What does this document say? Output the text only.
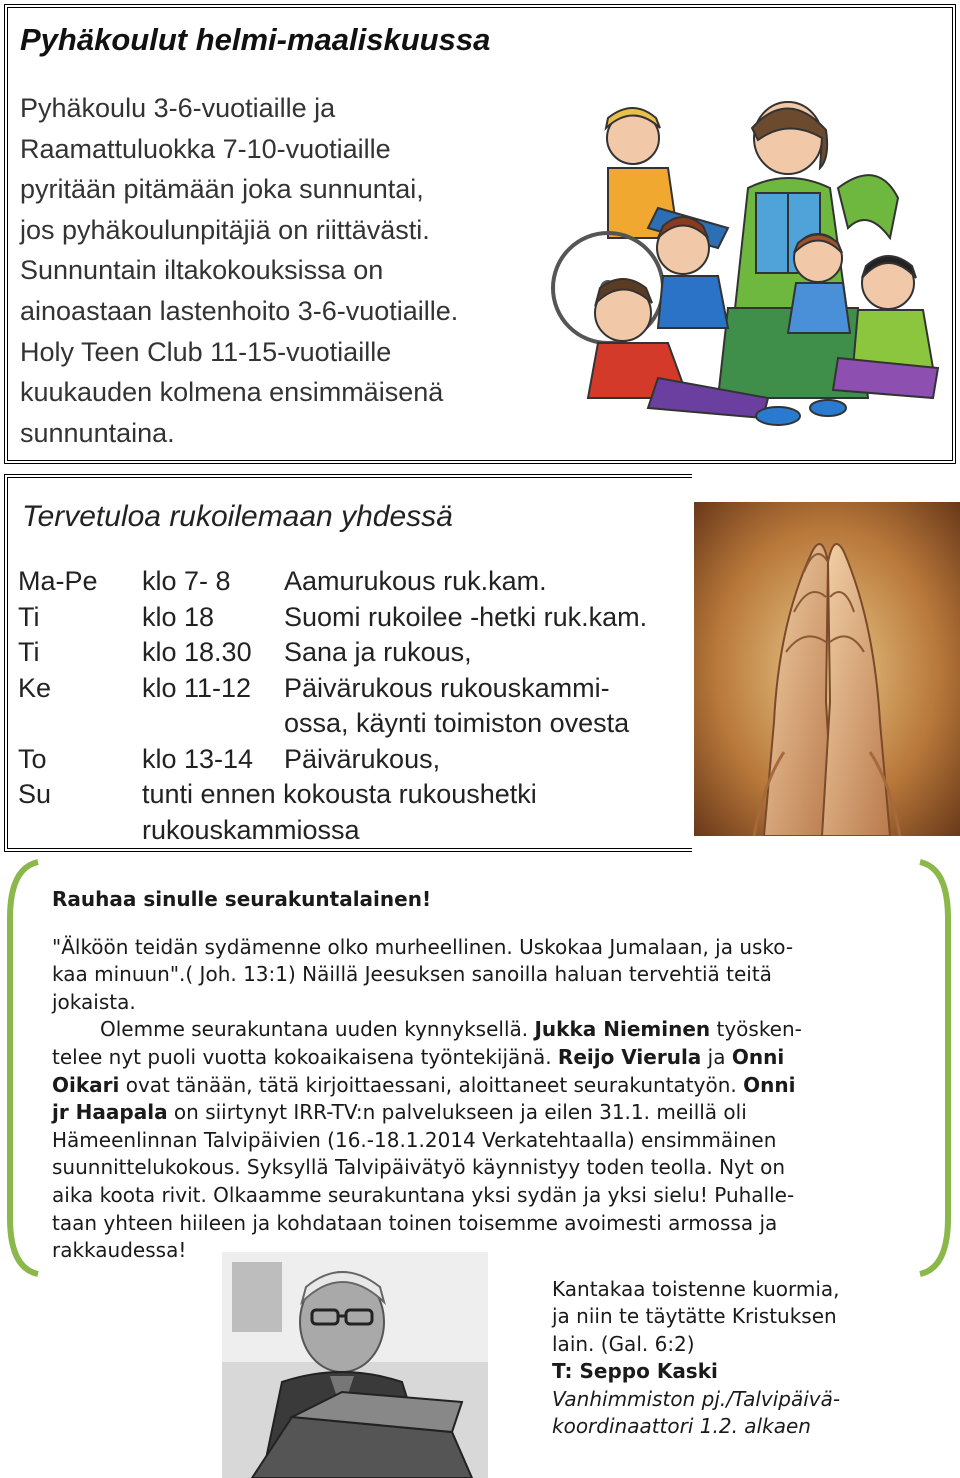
Pyhäkoulut helmi-maaliskuussa
Pyhäkoulu 3-6-vuotiaille ja
Raamattuluokka 7-10-vuotiaille
pyritään pitämään joka sunnuntai,
jos pyhäkoulunpitäjiä on riittävästi.
Sunnuntain iltakokouksissa on
ainoastaan lastenhoito 3-6-vuotiaille.
Holy Teen Club 11-15-vuotiaille
kuukauden kolmena ensimmäisenä
sunnuntaina.
Tervetuloa rukoilemaan yhdessä
Ma-Pe klo 7- 8 Aamurukous ruk.kam.
Ti	klo 18	Suomi rukoilee -hetki ruk.kam.
Ti	klo 18.30 Sana ja rukous,
Ke	klo 11-12 Päivärukous rukouskammi-
ossa, käynti toimiston ovesta
To	klo 13-14 Päivärukous,
Su	tunti ennen kokousta rukoushetki
rukouskammiossa

Rauhaa sinulle seurakuntalainen!

"Älköön teidän sydämenne olko murheellinen. Uskokaa Jumalaan, ja usko-
kaa minuun".( Joh. 13:1) Näillä Jeesuksen sanoilla haluan tervehtiä teitä
jokaista.

Olemme seurakuntana uuden kynnyksellä. Jukka Nieminen työsken-
telee nyt puoli vuotta kokoaikaisena työntekijänä. Reijo Vierula ja Onni
Oikari ovat tänään, tätä kirjoittaessani, aloittaneet seurakuntatyön. Onni
jr Haapala on siirtynyt IRR-TV:n palvelukseen ja eilen 31.1. meillä oli
Hämeenlinnan Talvipäivien (16.-18.1.2014 Verkatehtaalla) ensimmäinen
suunnittelukokous. Syksyllä Talvipäivätyö käynnistyy toden teolla. Nyt on
aika koota rivit. Olkaamme seurakuntana yksi sydän ja yksi sielu! Puhalle-
taan yhteen hiileen ja kohdataan toinen toisemme avoimesti armossa ja
rakkaudessa!

Kantakaa toistenne kuormia,
ja niin te täytätte Kristuksen
lain. (Gal. 6:2)
T: Seppo Kaski
Vanhimmiston pj./Talvipäivä-
koordinaattori 1.2. alkaen
